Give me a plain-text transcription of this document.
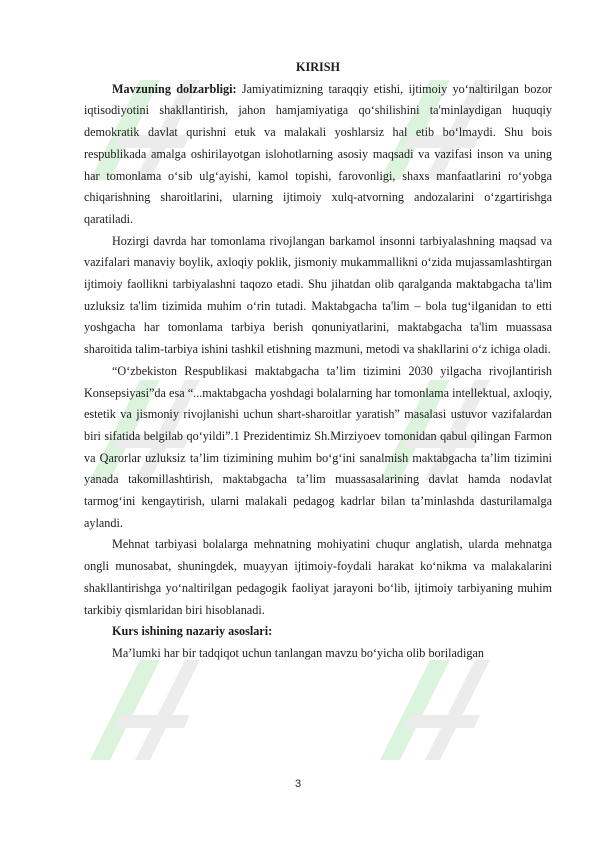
KIRISH

Mavzuning dolzarbligi: Jamiyatimizning taraqqiy etishi, ijtimoiy yo‘naltirilgan bozor iqtisodiyotini shakllantirish, jahon hamjamiyatiga qo‘shilishini ta'minlaydigan huquqiy demokratik davlat qurishni etuk va malakali yoshlarsiz hal etib bo‘lmaydi. Shu bois respublikada amalga oshirilayotgan islohotlarning asosiy maqsadi va vazifasi inson va uning har tomonlama o‘sib ulg‘ayishi, kamol topishi, farovonligi, shaxs manfaatlarini ro‘yobga chiqarishning sharoitlarini, ularning ijtimoiy xulq-atvorning andozalarini o‘zgartirishga qaratiladi.

Hozirgi davrda har tomonlama rivojlangan barkamol insonni tarbiyalashning maqsad va vazifalari manaviy boylik, axloqiy poklik, jismoniy mukammallikni o‘zida mujassamlashtirgan ijtimoiy faollikni tarbiyalashni taqozo etadi. Shu jihatdan olib qaralganda maktabgacha ta'lim uzluksiz ta'lim tizimida muhim o‘rin tutadi. Maktabgacha ta'lim – bola tug‘ilganidan to etti yoshgacha har tomonlama tarbiya berish qonuniyatlarini, maktabgacha ta'lim muassasa sharoitida talim-tarbiya ishini tashkil etishning mazmuni, metodi va shakllarini o‘z ichiga oladi.

“O‘zbekiston Respublikasi maktabgacha ta’lim tizimini 2030 yilgacha rivojlantirish Konsepsiyasi”da esa “...maktabgacha yoshdagi bolalarning har tomonlama intellektual, axloqiy, estetik va jismoniy rivojlanishi uchun shart-sharoitlar yaratish” masalasi ustuvor vazifalardan biri sifatida belgilab qo‘yildi”.1 Prezidentimiz Sh.Mirziyoev tomonidan qabul qilingan Farmon va Qarorlar uzluksiz ta’lim tizimining muhim bo‘g‘ini sanalmish maktabgacha ta’lim tizimini yanada takomillashtirish, maktabgacha ta’lim muassasalarining davlat hamda nodavlat tarmog‘ini kengaytirish, ularni malakali pedagog kadrlar bilan ta’minlashda dasturilamalga aylandi.

Mehnat tarbiyasi bolalarga mehnatning mohiyatini chuqur anglatish, ularda mehnatga ongli munosabat, shuningdek, muayyan ijtimoiy-foydali harakat ko‘nikma va malakalarini shakllantirishga yo‘naltirilgan pedagogik faoliyat jarayoni bo‘lib, ijtimoiy tarbiyaning muhim tarkibiy qismlaridan biri hisoblanadi.

Kurs ishining nazariy asoslari:

Ma’lumki har bir tadqiqot uchun tanlangan mavzu bo‘yicha olib boriladigan

3
